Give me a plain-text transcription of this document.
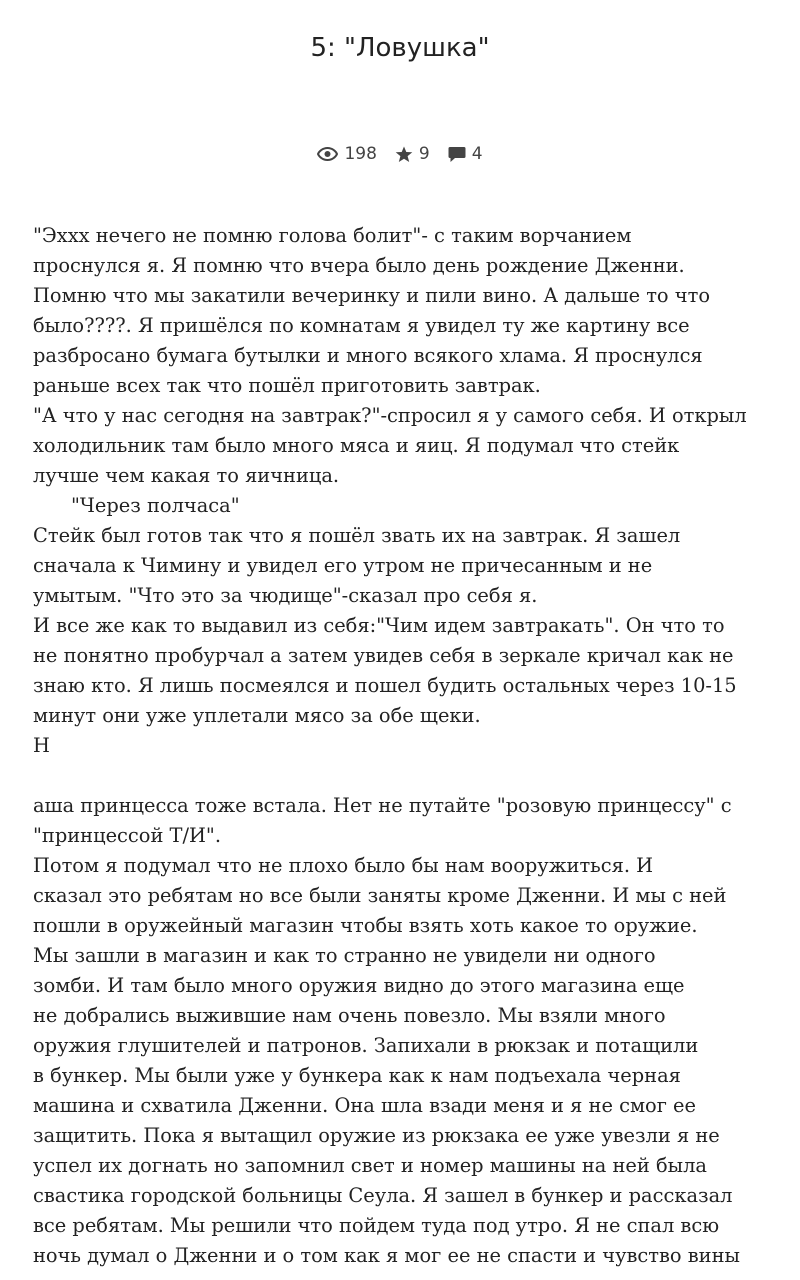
5: "Ловушка"
198 9 4
"Эххх нечего не помню голова болит"- с таким ворчанием
проснулся я. Я помню что вчера было день рождение Дженни.
Помню что мы закатили вечеринку и пили вино. А дальше то что
было????. Я пришёлся по комнатам я увидел ту же картину все
разбросано бумага бутылки и много всякого хлама. Я проснулся
раньше всех так что пошёл приготовить завтрак.
"А что у нас сегодня на завтрак?"-спросил я у самого себя. И открыл
холодильник там было много мяса и яиц. Я подумал что стейк
лучше чем какая то яичница.
"Через полчаса"
Стейк был готов так что я пошёл звать их на завтрак. Я зашел
сначала к Чимину и увидел его утром не причесанным и не
умытым. "Что это за чюдище"-сказал про себя я.
И все же как то выдавил из себя:"Чим идем завтракать". Он что то
не понятно пробурчал а затем увидев себя в зеркале кричал как не
знаю кто. Я лишь посмеялся и пошел будить остальных через 10-15
минут они уже уплетали мясо за обе щеки.
Н
аша принцесса тоже встала. Нет не путайте "розовую принцессу" с
"принцессой Т/И".
Потом я подумал что не плохо было бы нам вооружиться. И
сказал это ребятам но все были заняты кроме Дженни. И мы с ней
пошли в оружейный магазин чтобы взять хоть какое то оружие.
Мы зашли в магазин и как то странно не увидели ни одного
зомби. И там было много оружия видно до этого магазина еще
не добрались выжившие нам очень повезло. Мы взяли много
оружия глушителей и патронов. Запихали в рюкзак и потащили
в бункер. Мы были уже у бункера как к нам подъехала черная
машина и схватила Дженни. Она шла взади меня и я не смог ее
защитить. Пока я вытащил оружие из рюкзака ее уже увезли я не
успел их догнать но запомнил свет и номер машины на ней была
свастика городской больницы Сеула. Я зашел в бункер и рассказал
все ребятам. Мы решили что пойдем туда под утро. Я не спал всю
ночь думал о Дженни и о том как я мог ее не спасти и чувство вины
